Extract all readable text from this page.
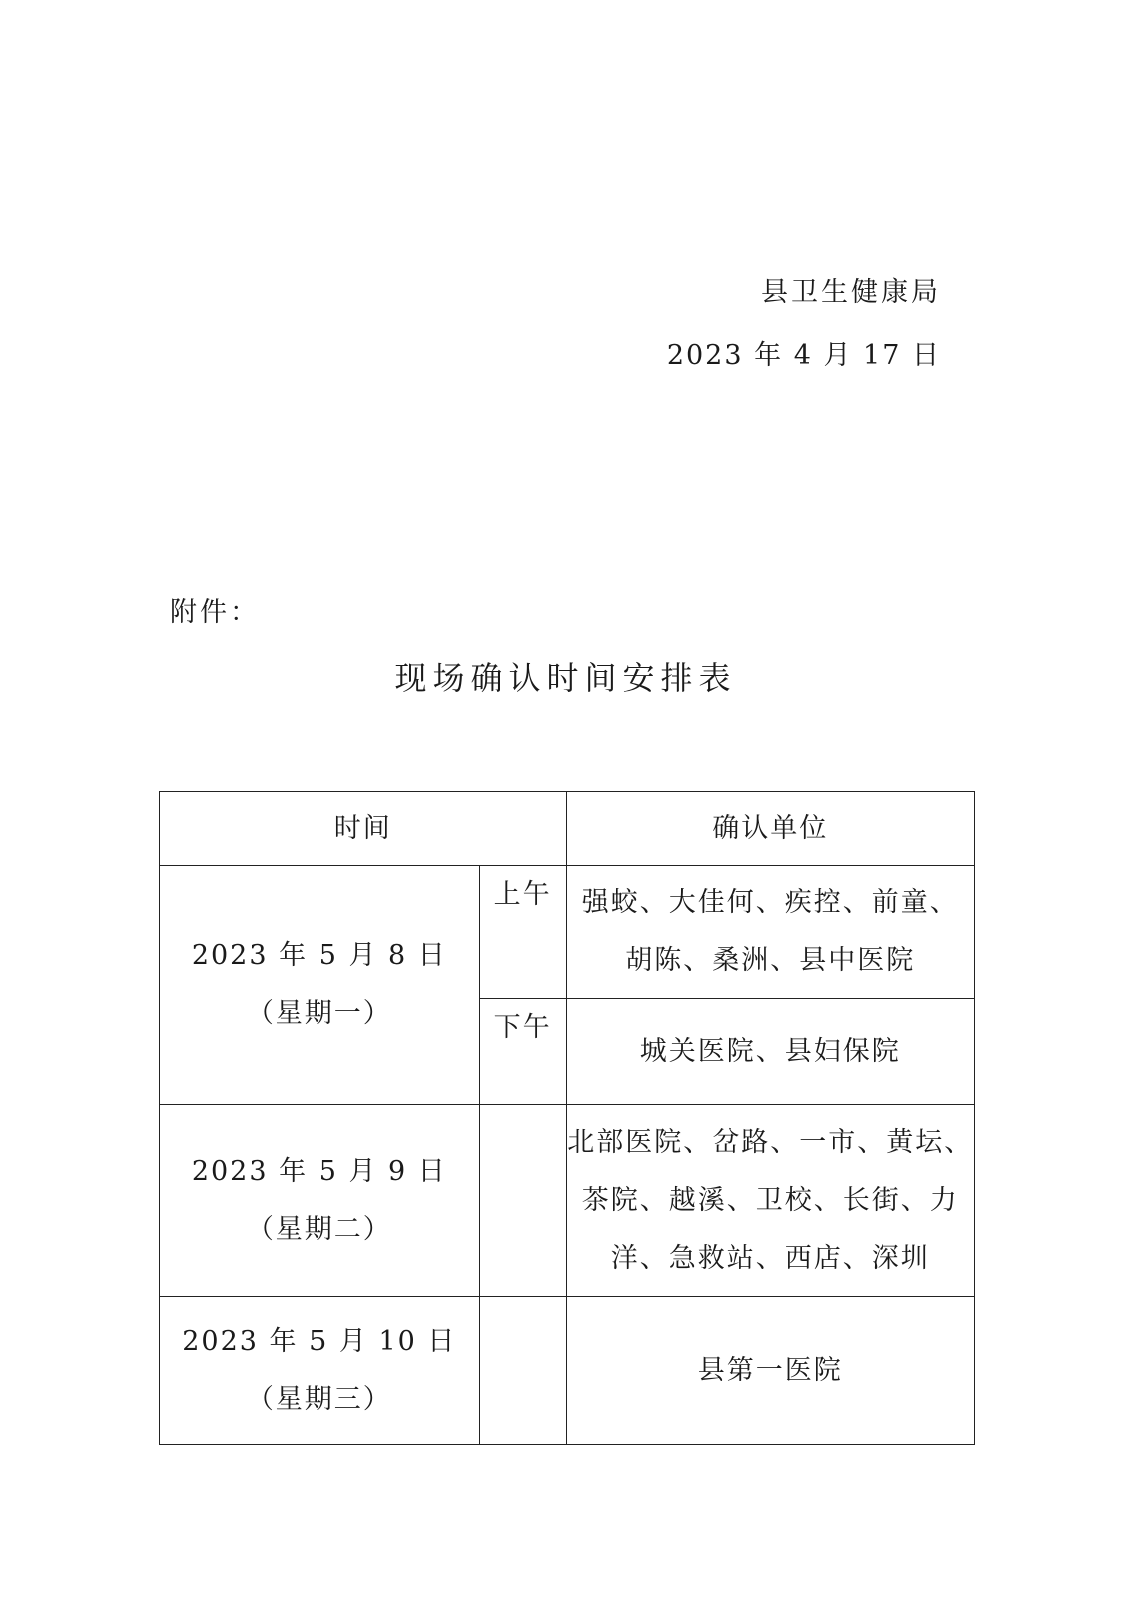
县卫生健康局
2023 年 4 月 17 日
附件：
现场确认时间安排表
时间		确认单位

2023 年 5 月 8 日
（星期一）	上午	强蛟、大佳何、疾控、前童、
胡陈、桑洲、县中医院

	下午	城关医院、县妇保院

2023 年 5 月 9 日
（星期二）		北部医院、岔路、一市、黄坛、
茶院、越溪、卫校、长街、力
洋、急救站、西店、深圳

2023 年 5 月 10 日
（星期三）		县第一医院
